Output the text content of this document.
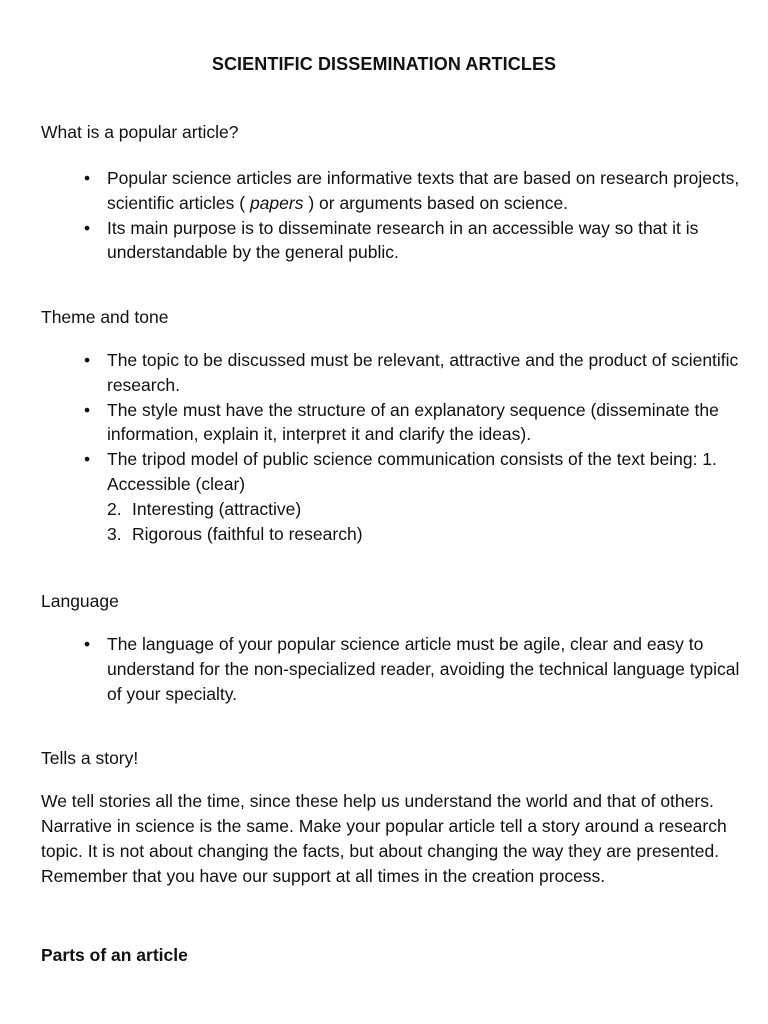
SCIENTIFIC DISSEMINATION ARTICLES
What is a popular article?
• Popular science articles are informative texts that are based on research projects, scientific articles ( papers ) or arguments based on science.
• Its main purpose is to disseminate research in an accessible way so that it is understandable by the general public.
Theme and tone
• The topic to be discussed must be relevant, attractive and the product of scientific research.
• The style must have the structure of an explanatory sequence (disseminate the information, explain it, interpret it and clarify the ideas).
• The tripod model of public science communication consists of the text being: 1. Accessible (clear)
2. Interesting (attractive)
3. Rigorous (faithful to research)
Language
• The language of your popular science article must be agile, clear and easy to understand for the non-specialized reader, avoiding the technical language typical of your specialty.
Tells a story!
We tell stories all the time, since these help us understand the world and that of others. Narrative in science is the same. Make your popular article tell a story around a research topic. It is not about changing the facts, but about changing the way they are presented.
Remember that you have our support at all times in the creation process.
Parts of an article
